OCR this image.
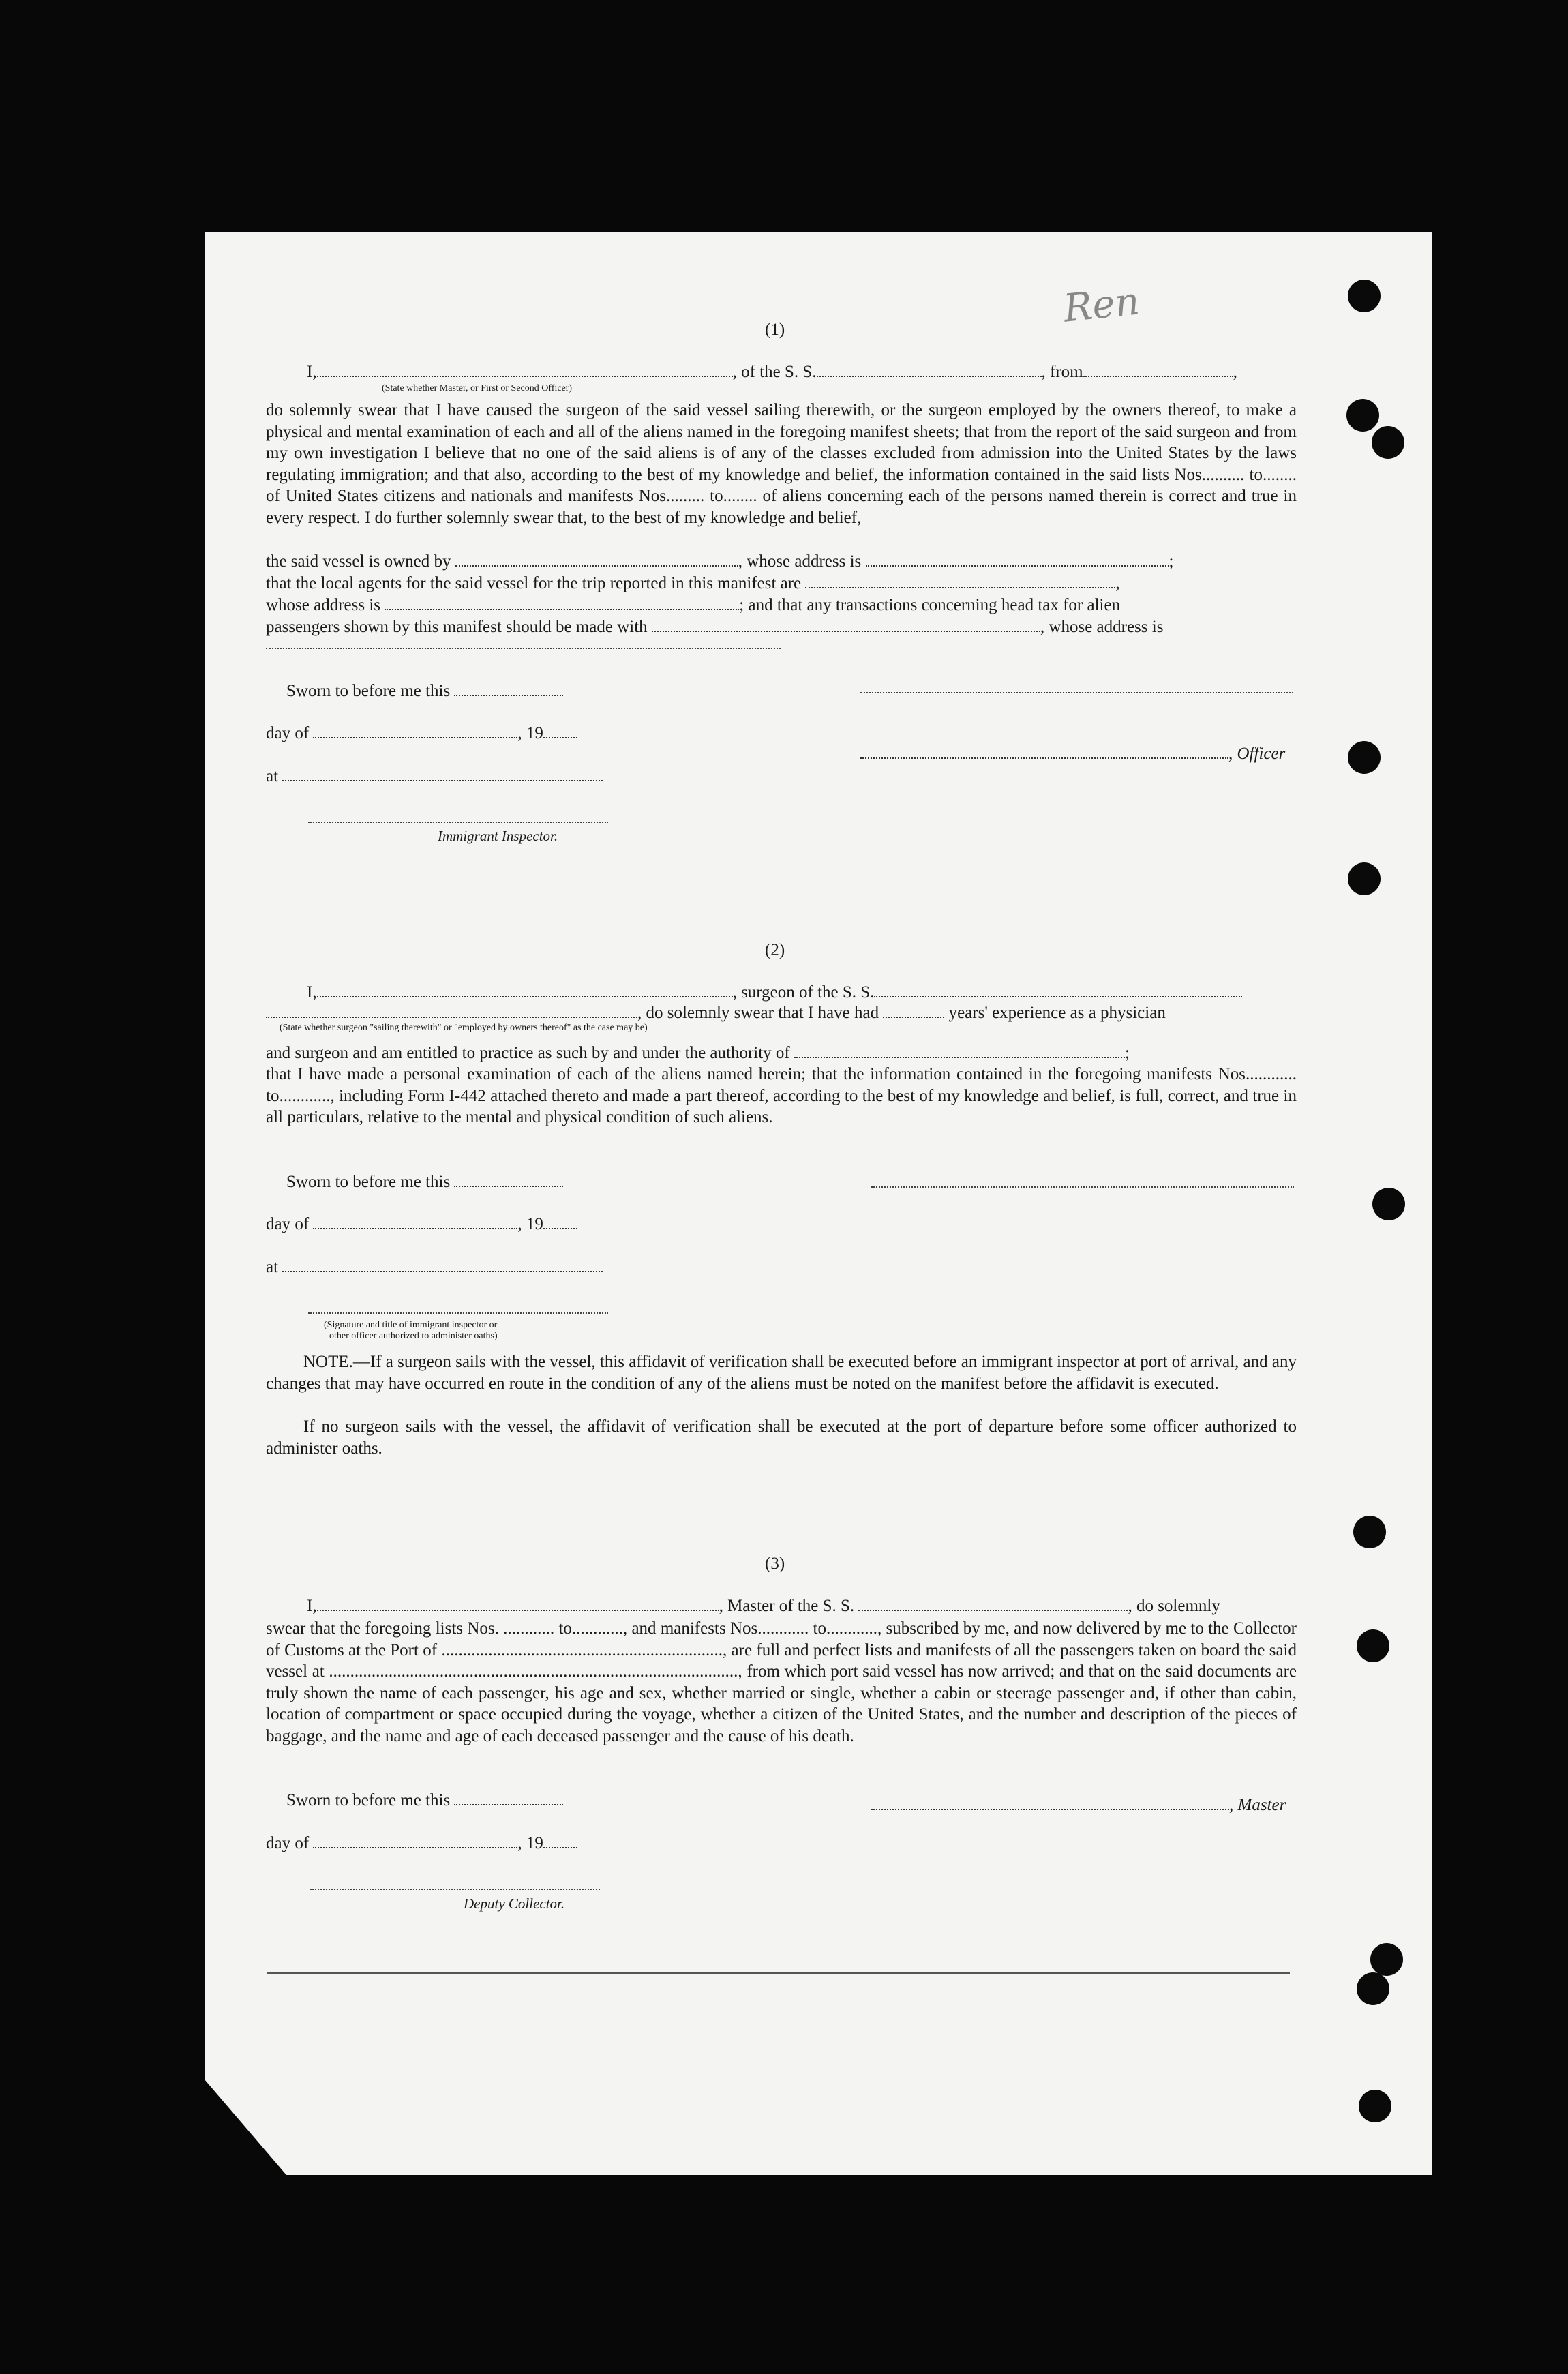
Ren
(1)
I,	, of the S. S.	, from	,
(State whether Master, or First or Second Officer)
do solemnly swear that I have caused the surgeon of the said vessel sailing therewith, or the surgeon employed by the owners thereof, to make a physical and mental examination of each and all of the aliens named in the foregoing manifest sheets; that from the report of the said surgeon and from my own investigation I believe that no one of the said aliens is of any of the classes excluded from admission into the United States by the laws regulating immigration; and that also, according to the best of my knowledge and belief, the information contained in the said lists Nos.......... to........ of United States citizens and nationals and manifests Nos......... to........ of aliens concerning each of the persons named therein is correct and true in every respect. I do further solemnly swear that, to the best of my knowledge and belief,
the said vessel is owned by	, whose address is	;
that the local agents for the said vessel for the trip reported in this manifest are	,
whose address is	; and that any transactions concerning head tax for alien
passengers shown by this manifest should be made with	, whose address is
Sworn to before me this
day of	, 19
, Officer
at
Immigrant Inspector.
(2)
I,	, surgeon of the S. S.
, do solemnly swear that I have had	years' experience as a physician
(State whether surgeon "sailing therewith" or "employed by owners thereof" as the case may be)
and surgeon and am entitled to practice as such by and under the authority of	;
that I have made a personal examination of each of the aliens named herein; that the information contained in the foregoing manifests Nos............ to............, including Form I-442 attached thereto and made a part thereof, according to the best of my knowledge and belief, is full, correct, and true in all particulars, relative to the mental and physical condition of such aliens.
Sworn to before me this
day of	, 19
at
(Signature and title of immigrant inspector or
other officer authorized to administer oaths)
NOTE.—If a surgeon sails with the vessel, this affidavit of verification shall be executed before an immigrant inspector at port of arrival, and any changes that may have occurred en route in the condition of any of the aliens must be noted on the manifest before the affidavit is executed.
If no surgeon sails with the vessel, the affidavit of verification shall be executed at the port of departure before some officer authorized to administer oaths.
(3)
I,	, Master of the S. S.	, do solemnly
swear that the foregoing lists Nos. ............ to............, and manifests Nos............ to............, subscribed by me, and now delivered by me to the Collector of Customs at the Port of .................................................................., are full and perfect lists and manifests of all the passengers taken on board the said vessel at ................................................................................................, from which port said vessel has now arrived; and that on the said documents are truly shown the name of each passenger, his age and sex, whether married or single, whether a cabin or steerage passenger and, if other than cabin, location of compartment or space occupied during the voyage, whether a citizen of the United States, and the number and description of the pieces of baggage, and the name and age of each deceased passenger and the cause of his death.
Sworn to before me this	, Master
day of	, 19
Deputy Collector.
